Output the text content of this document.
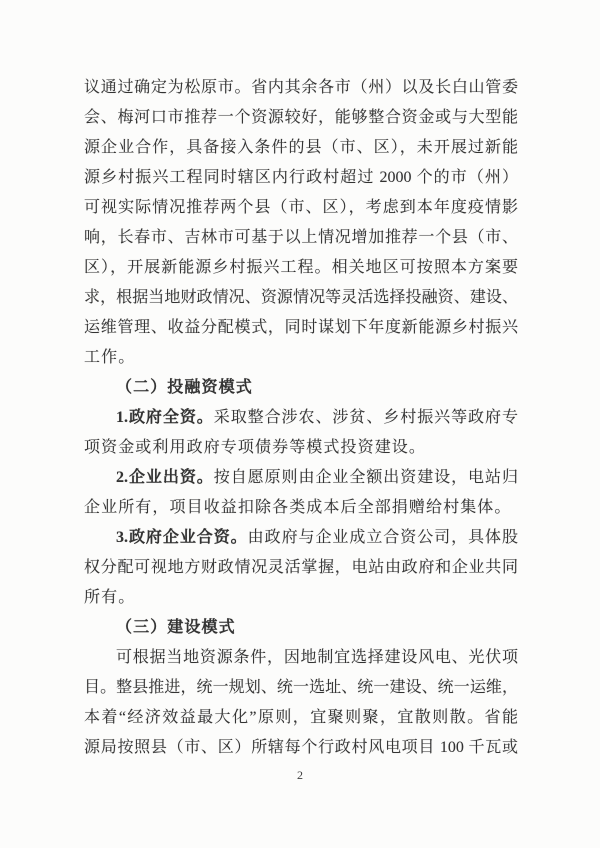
议通过确定为松原市。省内其余各市（州）以及长白山管委
会、梅河口市推荐一个资源较好，能够整合资金或与大型能
源企业合作，具备接入条件的县（市、区），未开展过新能
源乡村振兴工程同时辖区内行政村超过 2000 个的市（州）
可视实际情况推荐两个县（市、区），考虑到本年度疫情影
响，长春市、吉林市可基于以上情况增加推荐一个县（市、
区），开展新能源乡村振兴工程。相关地区可按照本方案要
求，根据当地财政情况、资源情况等灵活选择投融资、建设、
运维管理、收益分配模式，同时谋划下年度新能源乡村振兴
工作。
（二）投融资模式
1.政府全资。采取整合涉农、涉贫、乡村振兴等政府专
项资金或利用政府专项债券等模式投资建设。
2.企业出资。按自愿原则由企业全额出资建设，电站归
企业所有，项目收益扣除各类成本后全部捐赠给村集体。
3.政府企业合资。由政府与企业成立合资公司，具体股
权分配可视地方财政情况灵活掌握，电站由政府和企业共同
所有。
（三）建设模式
可根据当地资源条件，因地制宜选择建设风电、光伏项
目。整县推进，统一规划、统一选址、统一建设、统一运维，
本着“经济效益最大化”原则，宜聚则聚，宜散则散。省能
源局按照县（市、区）所辖每个行政村风电项目 100 千瓦或
2
